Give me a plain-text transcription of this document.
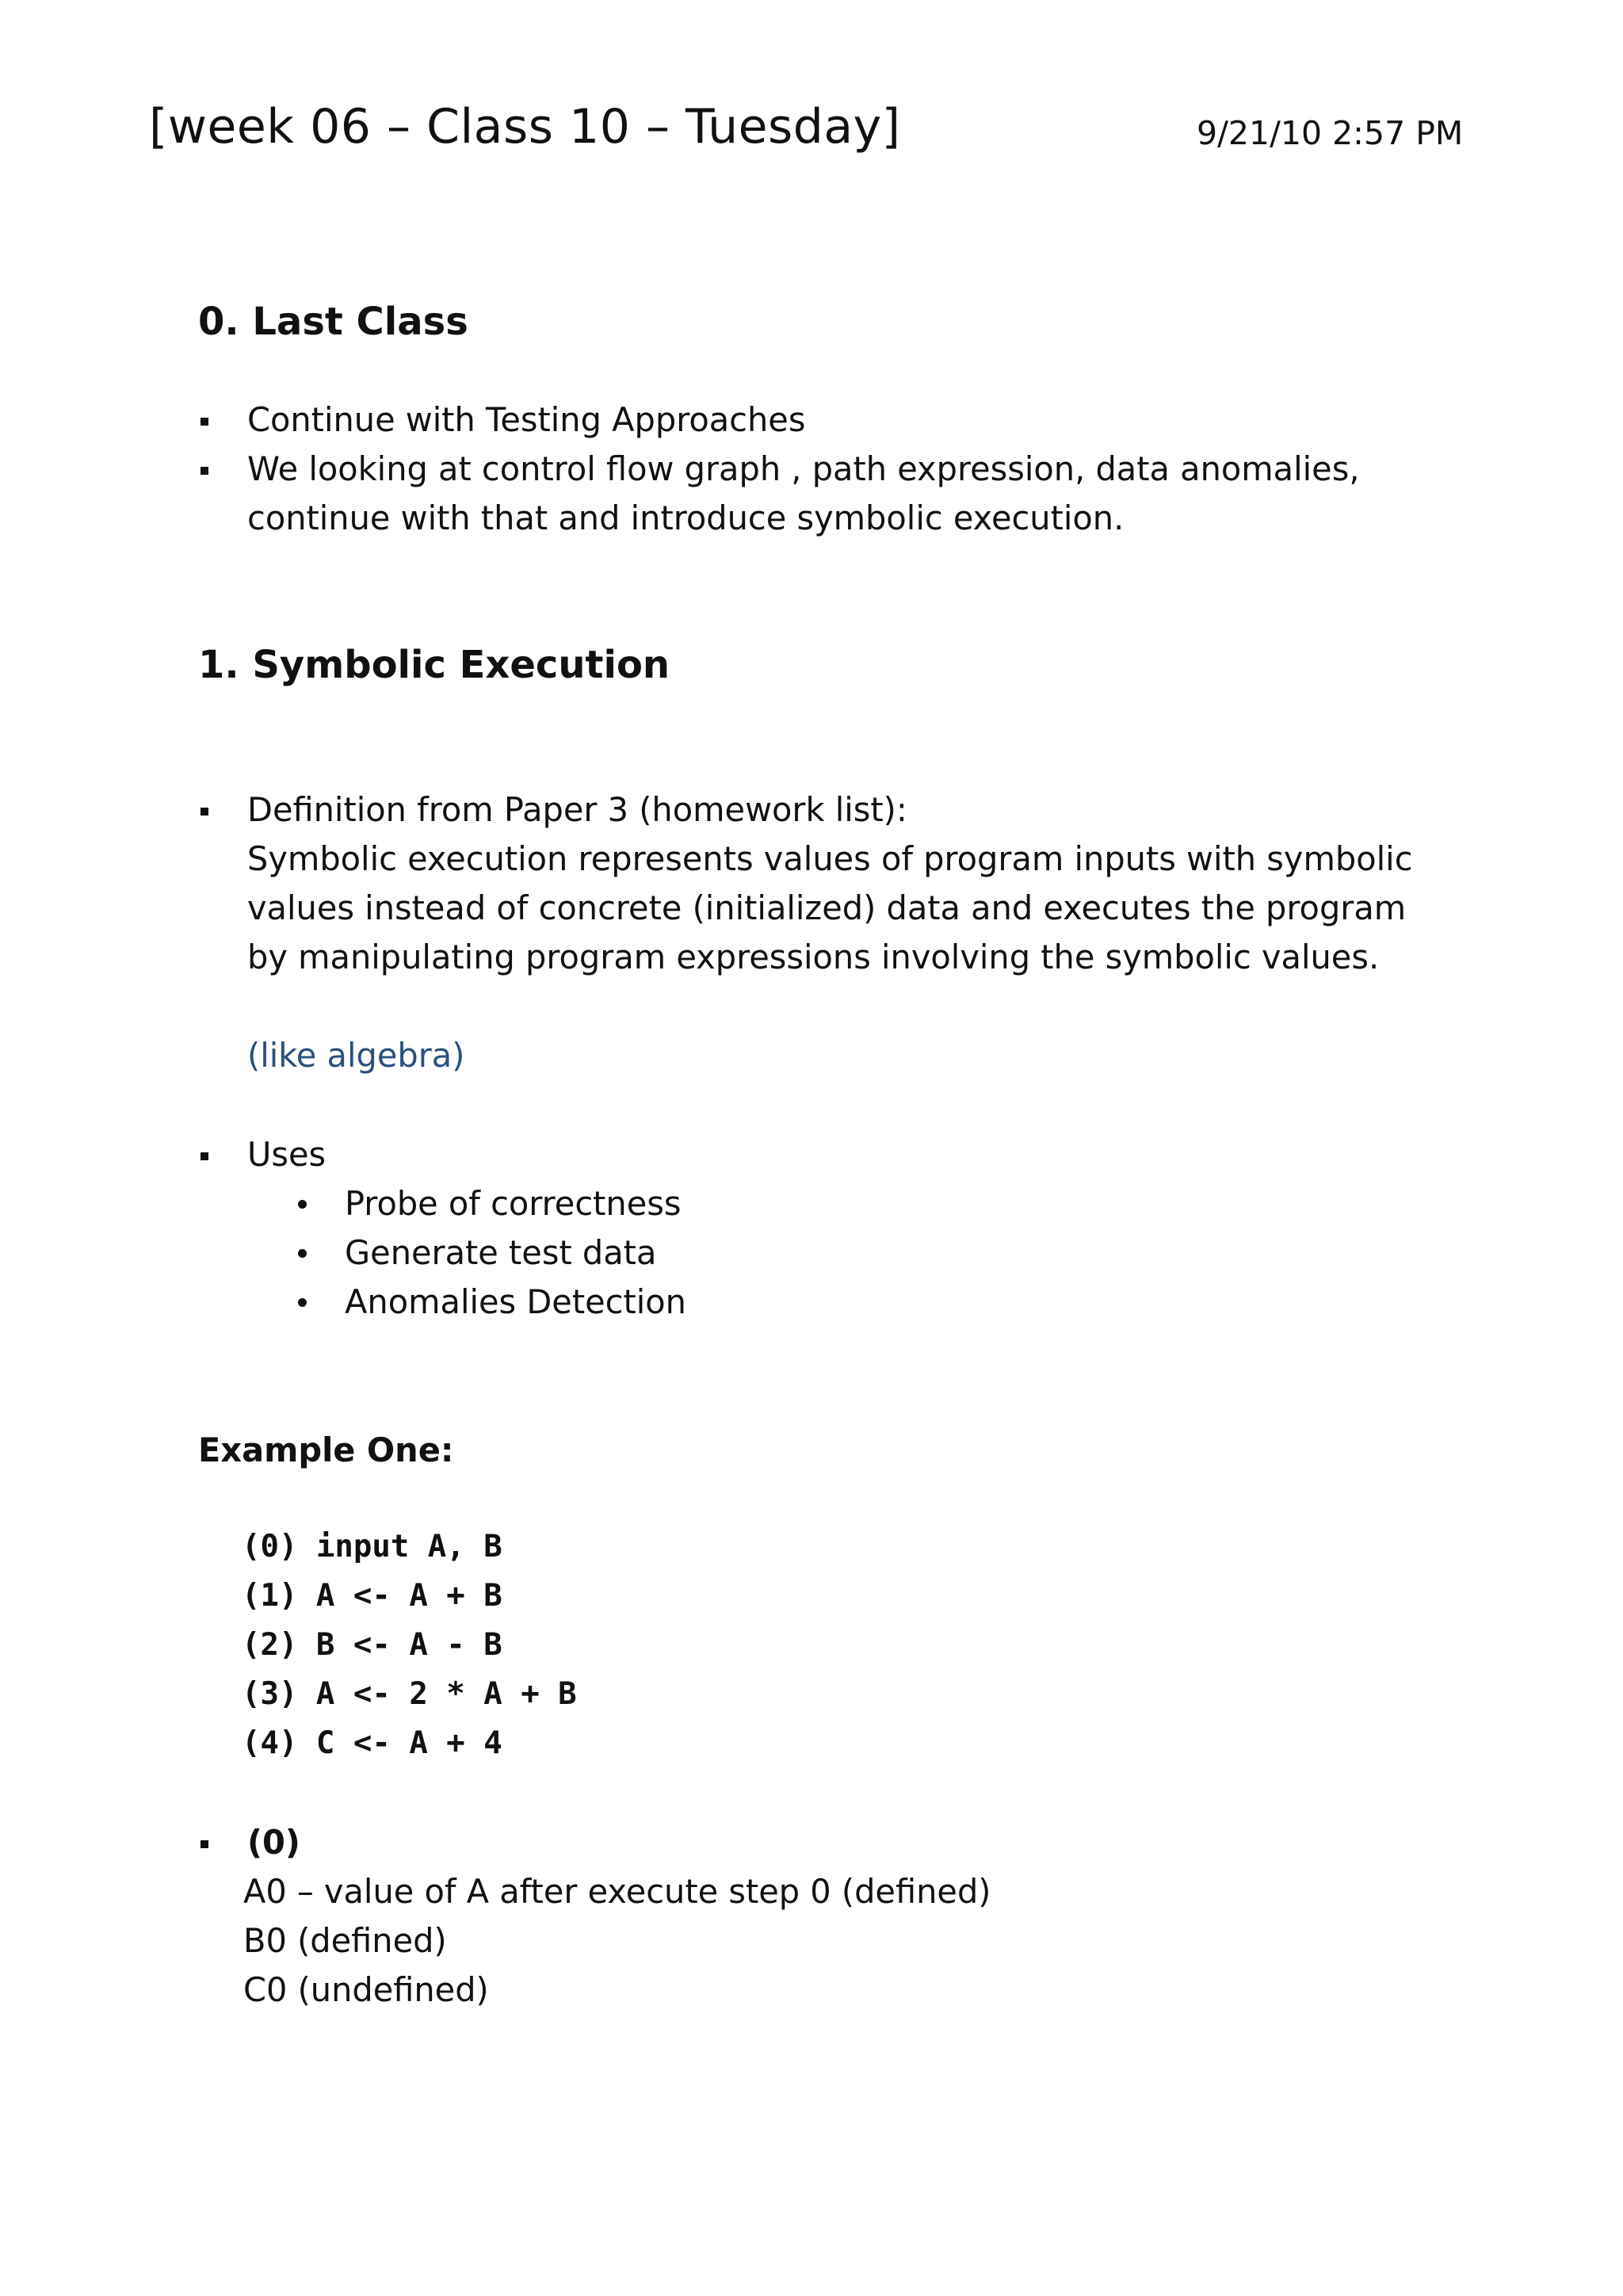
[week 06 – Class 10 – Tuesday]	9/21/10 2:57 PM
0. Last Class
Continue with Testing Approaches
We looking at control flow graph , path expression, data anomalies,
continue with that and introduce symbolic execution.
1. Symbolic Execution
Definition from Paper 3 (homework list):
Symbolic execution represents values of program inputs with symbolic
values instead of concrete (initialized) data and executes the program
by manipulating program expressions involving the symbolic values.
(like algebra)
Uses
Probe of correctness
Generate test data
Anomalies Detection
Example One:
(0) input A, B
(1) A <- A + B
(2) B <- A - B
(3) A <- 2 * A + B
(4) C <- A + 4
(0)
A0 – value of A after execute step 0 (defined)
B0 (defined)
C0 (undefined)
